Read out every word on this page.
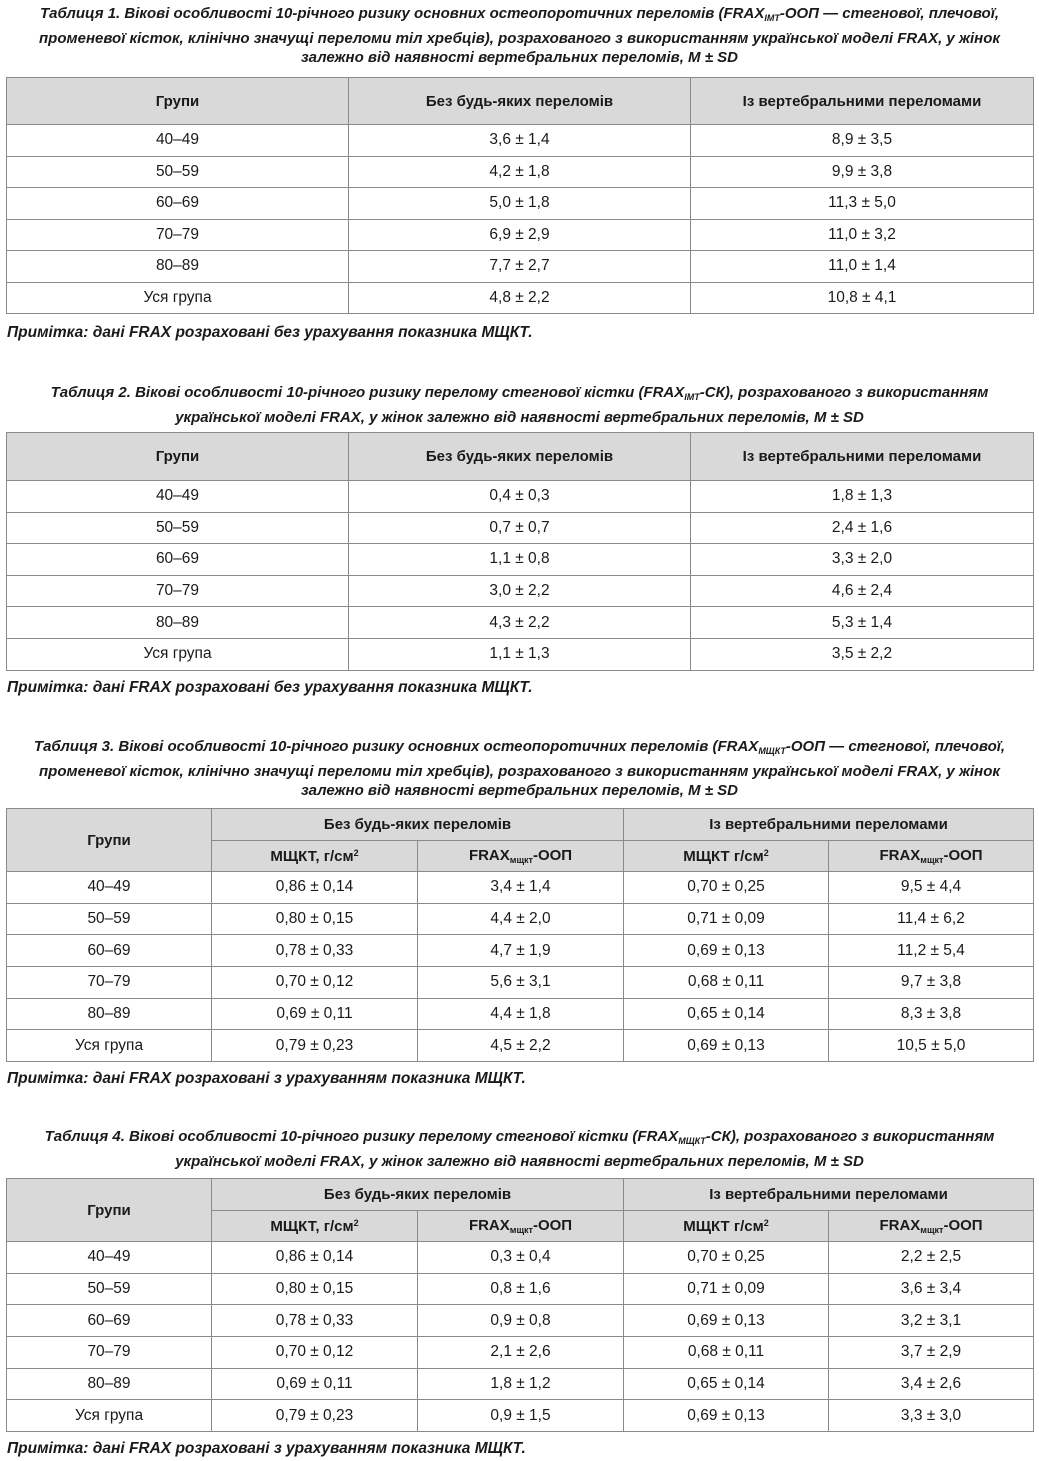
Таблиця 1. Вікові особливості 10-річного ризику основних остеопоротичних переломів ($FRAX_{ІМТ}$-ООП — стегнової, плечової, променевої кісток, клінічно значущі переломи тіл хребців), розрахованого з використанням української моделі FRAX, у жінок залежно від наявності вертебральних переломів, M ± SD
Групи	Без будь-яких переломів	Із вертебральними переломами
40–49	3,6 ± 1,4	8,9 ± 3,5
50–59	4,2 ± 1,8	9,9 ± 3,8
60–69	5,0 ± 1,8	11,3 ± 5,0
70–79	6,9 ± 2,9	11,0 ± 3,2
80–89	7,7 ± 2,7	11,0 ± 1,4
Уся група	4,8 ± 2,2	10,8 ± 4,1
Примітка: дані FRAX розраховані без урахування показника МЩКТ.
Таблиця 2. Вікові особливості 10-річного ризику перелому стегнової кістки $(FRAX_{ІМТ}-СК)$, розрахованого з використанням української моделі FRAX, у жінок залежно від наявності вертебральних переломів, M ± SD
Групи	Без будь-яких переломів	Із вертебральними переломами
40–49	0,4 ± 0,3	1,8 ± 1,3
50–59	0,7 ± 0,7	2,4 ± 1,6
60–69	1,1 ± 0,8	3,3 ± 2,0
70–79	3,0 ± 2,2	4,6 ± 2,4
80–89	4,3 ± 2,2	5,3 ± 1,4
Уся група	1,1 ± 1,3	3,5 ± 2,2
Примітка: дані FRAX розраховані без урахування показника МЩКТ.
Таблиця 3. Вікові особливості 10-річного ризику основних остеопоротичних переломів ($FRAX_{МЩКТ}$-ООП — стегнової, плечової, променевої кісток, клінічно значущі переломи тіл хребців), розрахованого з використанням української моделі FRAX, у жінок залежно від наявності вертебральних переломів, M ± SD
Групи	Без будь-яких переломів		Із вертебральними переломами	
	МЩКТ, $г/см^2$	$FRAX_{мщкт}$-ООП	МЩКТ $г/см^2$	$FRAX_{мщкт}$-ООП
40–49	0,86 ± 0,14	3,4 ± 1,4	0,70 ± 0,25	9,5 ± 4,4
50–59	0,80 ± 0,15	4,4 ± 2,0	0,71 ± 0,09	11,4 ± 6,2
60–69	0,78 ± 0,33	4,7 ± 1,9	0,69 ± 0,13	11,2 ± 5,4
70–79	0,70 ± 0,12	5,6 ± 3,1	0,68 ± 0,11	9,7 ± 3,8
80–89	0,69 ± 0,11	4,4 ± 1,8	0,65 ± 0,14	8,3 ± 3,8
Уся група	0,79 ± 0,23	4,5 ± 2,2	0,69 ± 0,13	10,5 ± 5,0
Примітка: дані FRAX розраховані з урахуванням показника МЩКТ.
Таблиця 4. Вікові особливості 10-річного ризику перелому стегнової кістки $(FRAX_{МЩКТ}-СК)$, розрахованого з використанням української моделі FRAX, у жінок залежно від наявності вертебральних переломів, M ± SD
Групи	Без будь-яких переломів		Із вертебральними переломами	
	МЩКТ, $г/см^2$	$FRAX_{мщкт}$-ООП	МЩКТ $г/см^2$	$FRAX_{мщкт}$-ООП
40–49	0,86 ± 0,14	0,3 ± 0,4	0,70 ± 0,25	2,2 ± 2,5
50–59	0,80 ± 0,15	0,8 ± 1,6	0,71 ± 0,09	3,6 ± 3,4
60–69	0,78 ± 0,33	0,9 ± 0,8	0,69 ± 0,13	3,2 ± 3,1
70–79	0,70 ± 0,12	2,1 ± 2,6	0,68 ± 0,11	3,7 ± 2,9
80–89	0,69 ± 0,11	1,8 ± 1,2	0,65 ± 0,14	3,4 ± 2,6
Уся група	0,79 ± 0,23	0,9 ± 1,5	0,69 ± 0,13	3,3 ± 3,0
Примітка: дані FRAX розраховані з урахуванням показника МЩКТ.
